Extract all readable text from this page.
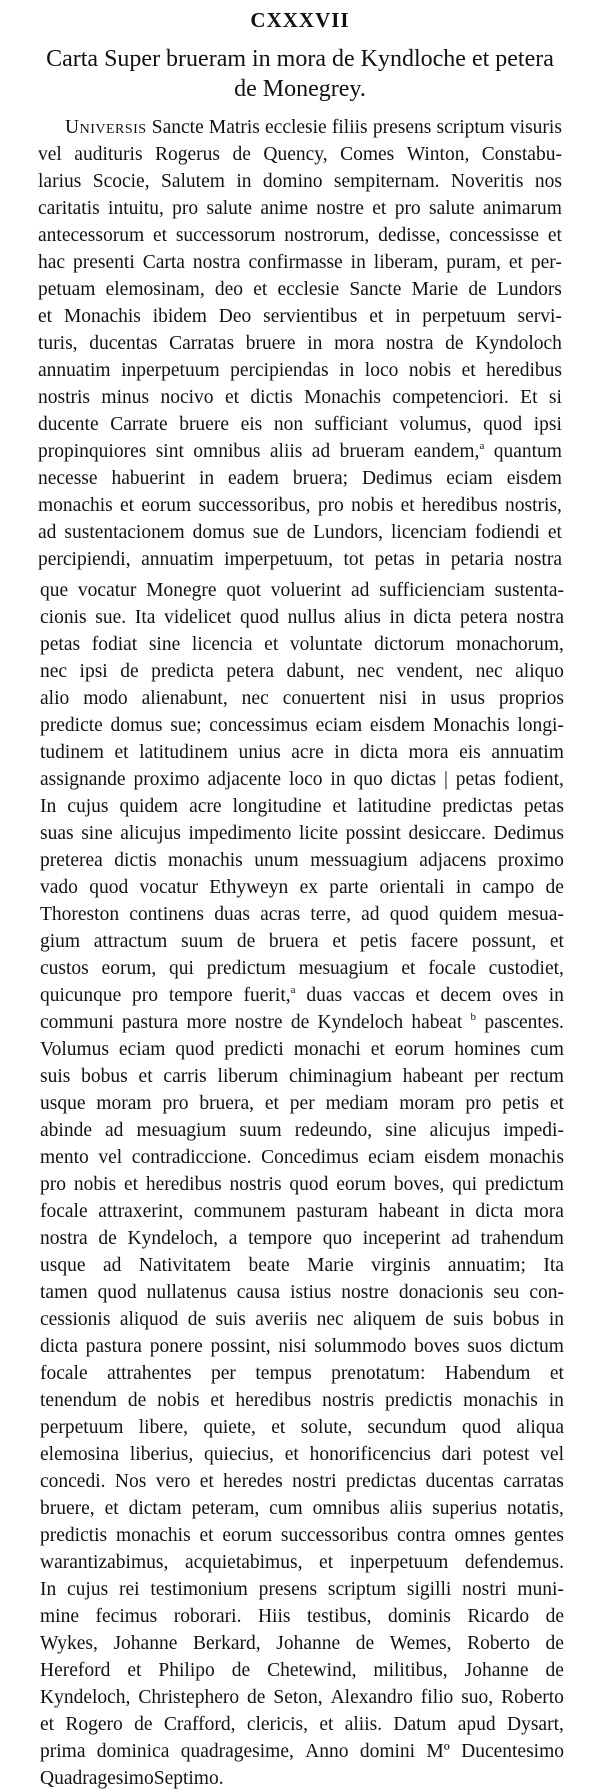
CXXXVII
Carta Super brueram in mora de Kyndloche et petera de Monegrey.
Universis Sancte Matris ecclesie filiis presens scriptum visuris
vel audituris Rogerus de Quency, Comes Winton, Constabu-
larius Scocie, Salutem in domino sempiternam. Noveritis nos
caritatis intuitu, pro salute anime nostre et pro salute animarum
antecessorum et successorum nostrorum, dedisse, concessisse et
hac presenti Carta nostra confirmasse in liberam, puram, et per-
petuam elemosinam, deo et ecclesie Sancte Marie de Lundors
et Monachis ibidem Deo servientibus et in perpetuum servi-
turis, ducentas Carratas bruere in mora nostra de Kyndoloch
annuatim inperpetuum percipiendas in loco nobis et heredibus
nostris minus nocivo et dictis Monachis competenciori. Et si
ducente Carrate bruere eis non sufficiant volumus, quod ipsi
propinquiores sint omnibus aliis ad brueram eandem,$^a$ quantum
necesse habuerint in eadem bruera; Dedimus eciam eisdem
monachis et eorum successoribus, pro nobis et heredibus nostris,
ad sustentacionem domus sue de Lundors, licenciam fodiendi et
percipiendi, annuatim imperpetuum, tot petas in petaria nostra
que vocatur Monegre quot voluerint ad sufficienciam sustenta-
cionis sue. Ita videlicet quod nullus alius in dicta petera nostra
petas fodiat sine licencia et voluntate dictorum monachorum,
nec ipsi de predicta petera dabunt, nec vendent, nec aliquo
alio modo alienabunt, nec conuertent nisi in usus proprios
predicte domus sue; concessimus eciam eisdem Monachis longi-
tudinem et latitudinem unius acre in dicta mora eis annuatim
assignande proximo adjacente loco in quo dictas | petas fodient,
In cujus quidem acre longitudine et latitudine predictas petas
suas sine alicujus impedimento licite possint desiccare. Dedimus
preterea dictis monachis unum messuagium adjacens proximo
vado quod vocatur Ethyweyn ex parte orientali in campo de
Thoreston continens duas acras terre, ad quod quidem mesua-
gium attractum suum de bruera et petis facere possunt, et
custos eorum, qui predictum mesuagium et focale custodiet,
quicunque pro tempore fuerit,$^a$ duas vaccas et decem oves in
communi pastura more nostre de Kyndeloch habeat $^b$ pascentes.
Volumus eciam quod predicti monachi et eorum homines cum
suis bobus et carris liberum chiminagium habeant per rectum
usque moram pro bruera, et per mediam moram pro petis et
abinde ad mesuagium suum redeundo, sine alicujus impedi-
mento vel contradiccione. Concedimus eciam eisdem monachis
pro nobis et heredibus nostris quod eorum boves, qui predictum
focale attraxerint, communem pasturam habeant in dicta mora
nostra de Kyndeloch, a tempore quo inceperint ad trahendum
usque ad Nativitatem beate Marie virginis annuatim; Ita
tamen quod nullatenus causa istius nostre donacionis seu con-
cessionis aliquod de suis averiis nec aliquem de suis bobus in
dicta pastura ponere possint, nisi solummodo boves suos dictum
focale attrahentes per tempus prenotatum: Habendum et
tenendum de nobis et heredibus nostris predictis monachis in
perpetuum libere, quiete, et solute, secundum quod aliqua
elemosina liberius, quiecius, et honorificencius dari potest vel
concedi. Nos vero et heredes nostri predictas ducentas carratas
bruere, et dictam peteram, cum omnibus aliis superius notatis,
predictis monachis et eorum successoribus contra omnes gentes
warantizabimus, acquietabimus, et inperpetuum defendemus.
In cujus rei testimonium presens scriptum sigilli nostri muni-
mine fecimus roborari. Hiis testibus, dominis Ricardo de
Wykes, Johanne Berkard, Johanne de Wemes, Roberto de
Hereford et Philipo de Chetewind, militibus, Johanne de
Kyndeloch, Christephero de Seton, Alexandro filio suo, Roberto
et Rogero de Crafford, clericis, et aliis. Datum apud Dysart,
prima dominica quadragesime, Anno domini Mº Ducentesimo
Quadragesimo Septimo.
